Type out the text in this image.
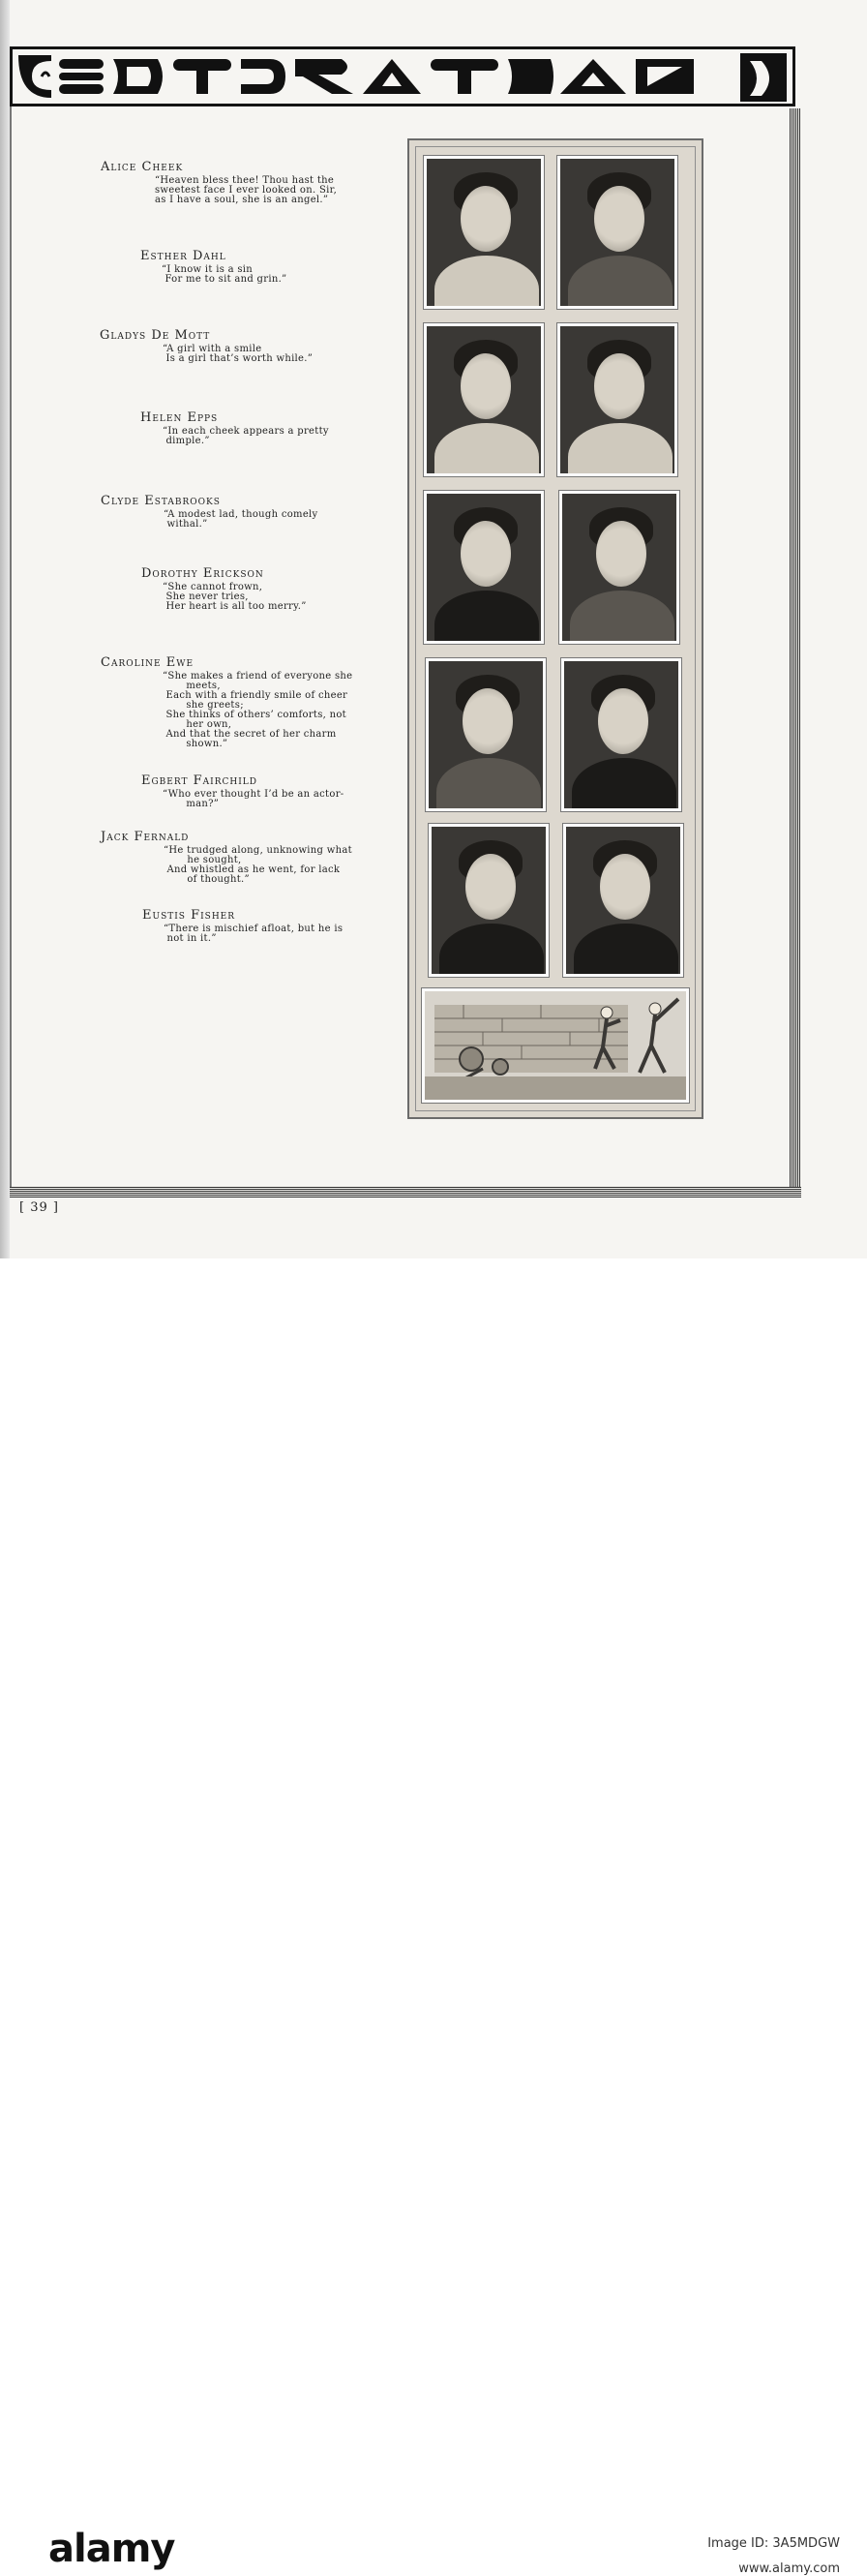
Alice Cheek
“Heaven bless thee! Thou hast the
sweetest face I ever looked on. Sir,
as I have a soul, she is an angel.”
Esther Dahl
“I know it is a sin
For me to sit and grin.”
Gladys De Mott
“A girl with a smile
Is a girl that’s worth while.”
Helen Epps
“In each cheek appears a pretty
dimple.”
Clyde Estabrooks
“A modest lad, though comely
withal.”
Dorothy Erickson
“She cannot frown,
She never tries,
Her heart is all too merry.”
Caroline Ewe
“She makes a friend of everyone she
meets,
Each with a friendly smile of cheer
she greets;
She thinks of others’ comforts, not
her own,
And that the secret of her charm
shown.”
Egbert Fairchild
“Who ever thought I’d be an actor-
man?”
Jack Fernald
“He trudged along, unknowing what
he sought,
And whistled as he went, for lack
of thought.”
Eustis Fisher
“There is mischief afloat, but he is
not in it.”
[ 39 ]
alamy	Image ID: 3A5MDGW
www.alamy.com
